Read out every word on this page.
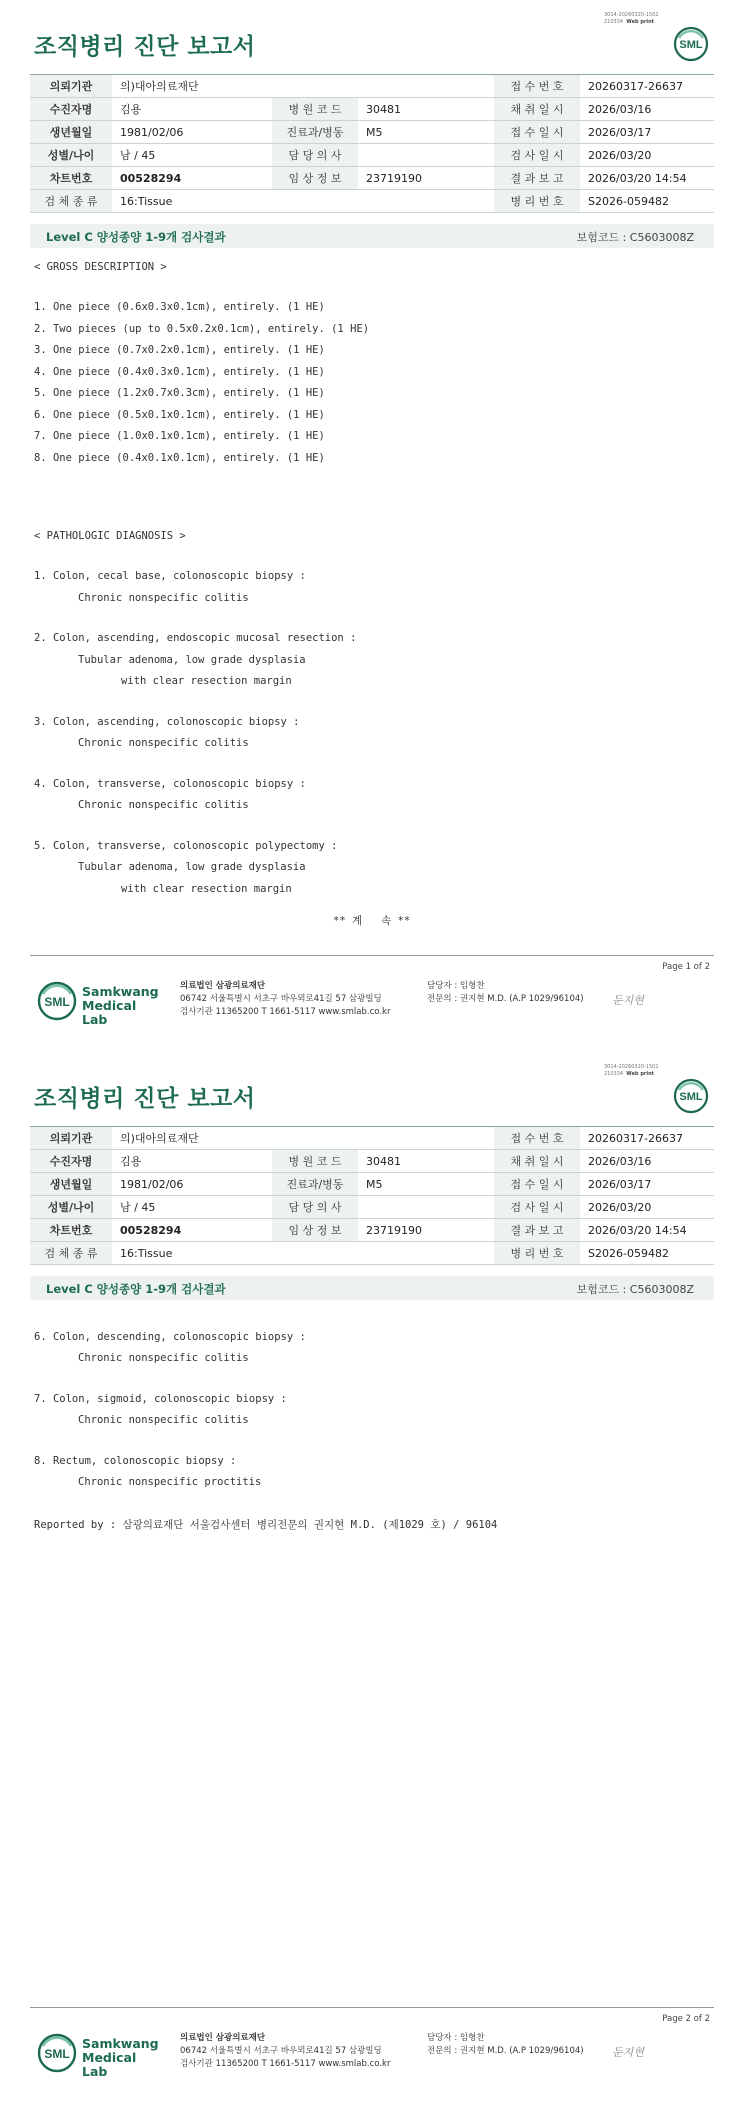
3014-20260320-1502
210334 Web print
조직병리 진단 보고서	SML
의뢰기관	의)대아의료재단			접 수 번 호	20260317-26637
수진자명	김용	병 원 코 드	30481	채 취 일 시	2026/03/16
생년월일	1981/02/06	진료과/병동	M5	접 수 일 시	2026/03/17
성별/나이	남 / 45	담 당 의 사		검 사 일 시	2026/03/20
차트번호	00528294	임 상 정 보	23719190	결 과 보 고	2026/03/20 14:54
검 체 종 류	16:Tissue			병 리 번 호	S2026-059482
Level C 양성종양 1-9개 검사결과	보험코드 : C5603008Z
< GROSS DESCRIPTION >
1. One piece (0.6x0.3x0.1cm), entirely. (1 HE)
2. Two pieces (up to 0.5x0.2x0.1cm), entirely. (1 HE)
3. One piece (0.7x0.2x0.1cm), entirely. (1 HE)
4. One piece (0.4x0.3x0.1cm), entirely. (1 HE)
5. One piece (1.2x0.7x0.3cm), entirely. (1 HE)
6. One piece (0.5x0.1x0.1cm), entirely. (1 HE)
7. One piece (1.0x0.1x0.1cm), entirely. (1 HE)
8. One piece (0.4x0.1x0.1cm), entirely. (1 HE)
< PATHOLOGIC DIAGNOSIS >
1. Colon, cecal base, colonoscopic biopsy :
Chronic nonspecific colitis
2. Colon, ascending, endoscopic mucosal resection :
Tubular adenoma, low grade dysplasia
with clear resection margin
3. Colon, ascending, colonoscopic biopsy :
Chronic nonspecific colitis
4. Colon, transverse, colonoscopic biopsy :
Chronic nonspecific colitis
5. Colon, transverse, colonoscopic polypectomy :
Tubular adenoma, low grade dysplasia
with clear resection margin
** 계   속 **
Page 1 of 2
SML
Samkwang
Medical Lab
의료법인 삼광의료재단
06742 서울특별시 서초구 바우뫼로41길 57 삼광빌딩
검사기관 11365200 T 1661-5117 www.smlab.co.kr
담당자 : 임형찬
전문의 : 권지현 M.D. (A.P 1029/96104)	둔지현
3014-20260320-1502
210334 Web print
조직병리 진단 보고서	SML
의뢰기관	의)대아의료재단			접 수 번 호	20260317-26637
수진자명	김용	병 원 코 드	30481	채 취 일 시	2026/03/16
생년월일	1981/02/06	진료과/병동	M5	접 수 일 시	2026/03/17
성별/나이	남 / 45	담 당 의 사		검 사 일 시	2026/03/20
차트번호	00528294	임 상 정 보	23719190	결 과 보 고	2026/03/20 14:54
검 체 종 류	16:Tissue			병 리 번 호	S2026-059482
Level C 양성종양 1-9개 검사결과	보험코드 : C5603008Z
6. Colon, descending, colonoscopic biopsy :
Chronic nonspecific colitis
7. Colon, sigmoid, colonoscopic biopsy :
Chronic nonspecific colitis
8. Rectum, colonoscopic biopsy :
Chronic nonspecific proctitis
Reported by : 삼광의료재단 서울검사센터 병리전문의 권지현 M.D. (제1029 호) / 96104
Page 2 of 2
SML
Samkwang
Medical Lab
의료법인 삼광의료재단
06742 서울특별시 서초구 바우뫼로41길 57 삼광빌딩
검사기관 11365200 T 1661-5117 www.smlab.co.kr
담당자 : 임형찬
전문의 : 권지현 M.D. (A.P 1029/96104)	둔지현
